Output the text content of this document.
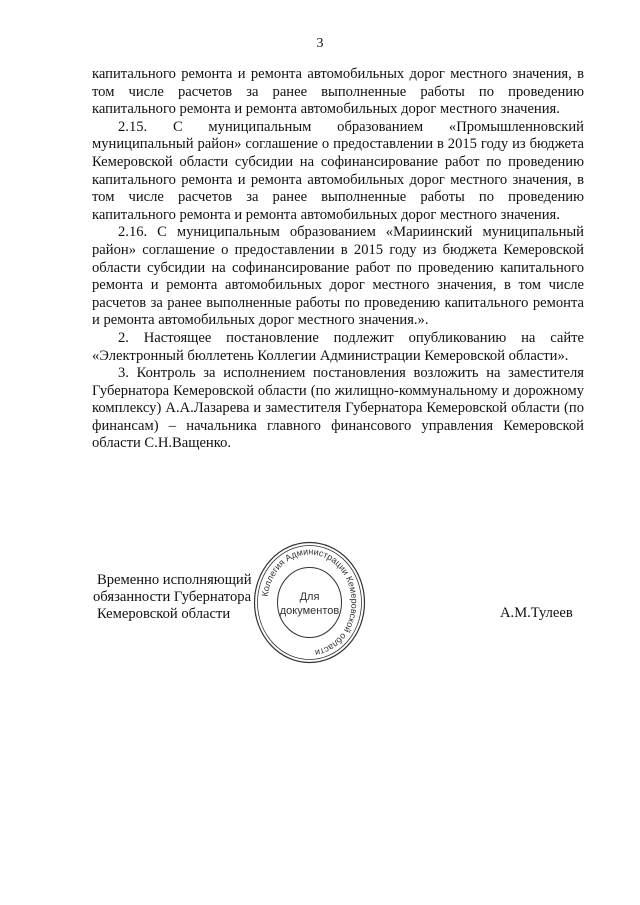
3

капитального ремонта и ремонта автомобильных дорог местного значения, в том числе расчетов за ранее выполненные работы по проведению капитального ремонта и ремонта автомобильных дорог местного значения.

2.15. С муниципальным образованием «Промышленновский муниципальный район» соглашение о предоставлении в 2015 году из бюджета Кемеровской области субсидии на софинансирование работ по проведению капитального ремонта и ремонта автомобильных дорог местного значения, в том числе расчетов за ранее выполненные работы по проведению капитального ремонта и ремонта автомобильных дорог местного значения.

2.16. С муниципальным образованием «Мариинский муниципальный район» соглашение о предоставлении в 2015 году из бюджета Кемеровской области субсидии на софинансирование работ по проведению капитального ремонта и ремонта автомобильных дорог местного значения, в том числе расчетов за ранее выполненные работы по проведению капитального ремонта и ремонта автомобильных дорог местного значения.».

2. Настоящее постановление подлежит опубликованию на сайте «Электронный бюллетень Коллегии Администрации Кемеровской области».

3. Контроль за исполнением постановления возложить на заместителя Губернатора Кемеровской области (по жилищно-коммунальному и дорожному комплексу) А.А.Лазарева и заместителя Губернатора Кемеровской области (по финансам) – начальника главного финансового управления Кемеровской области С.Н.Ващенко.

Коллегия Администрации Кемеровской области
Для
документов
Временно исполняющий
обязанности Губернатора
Кемеровской области	А.М.Тулеев
